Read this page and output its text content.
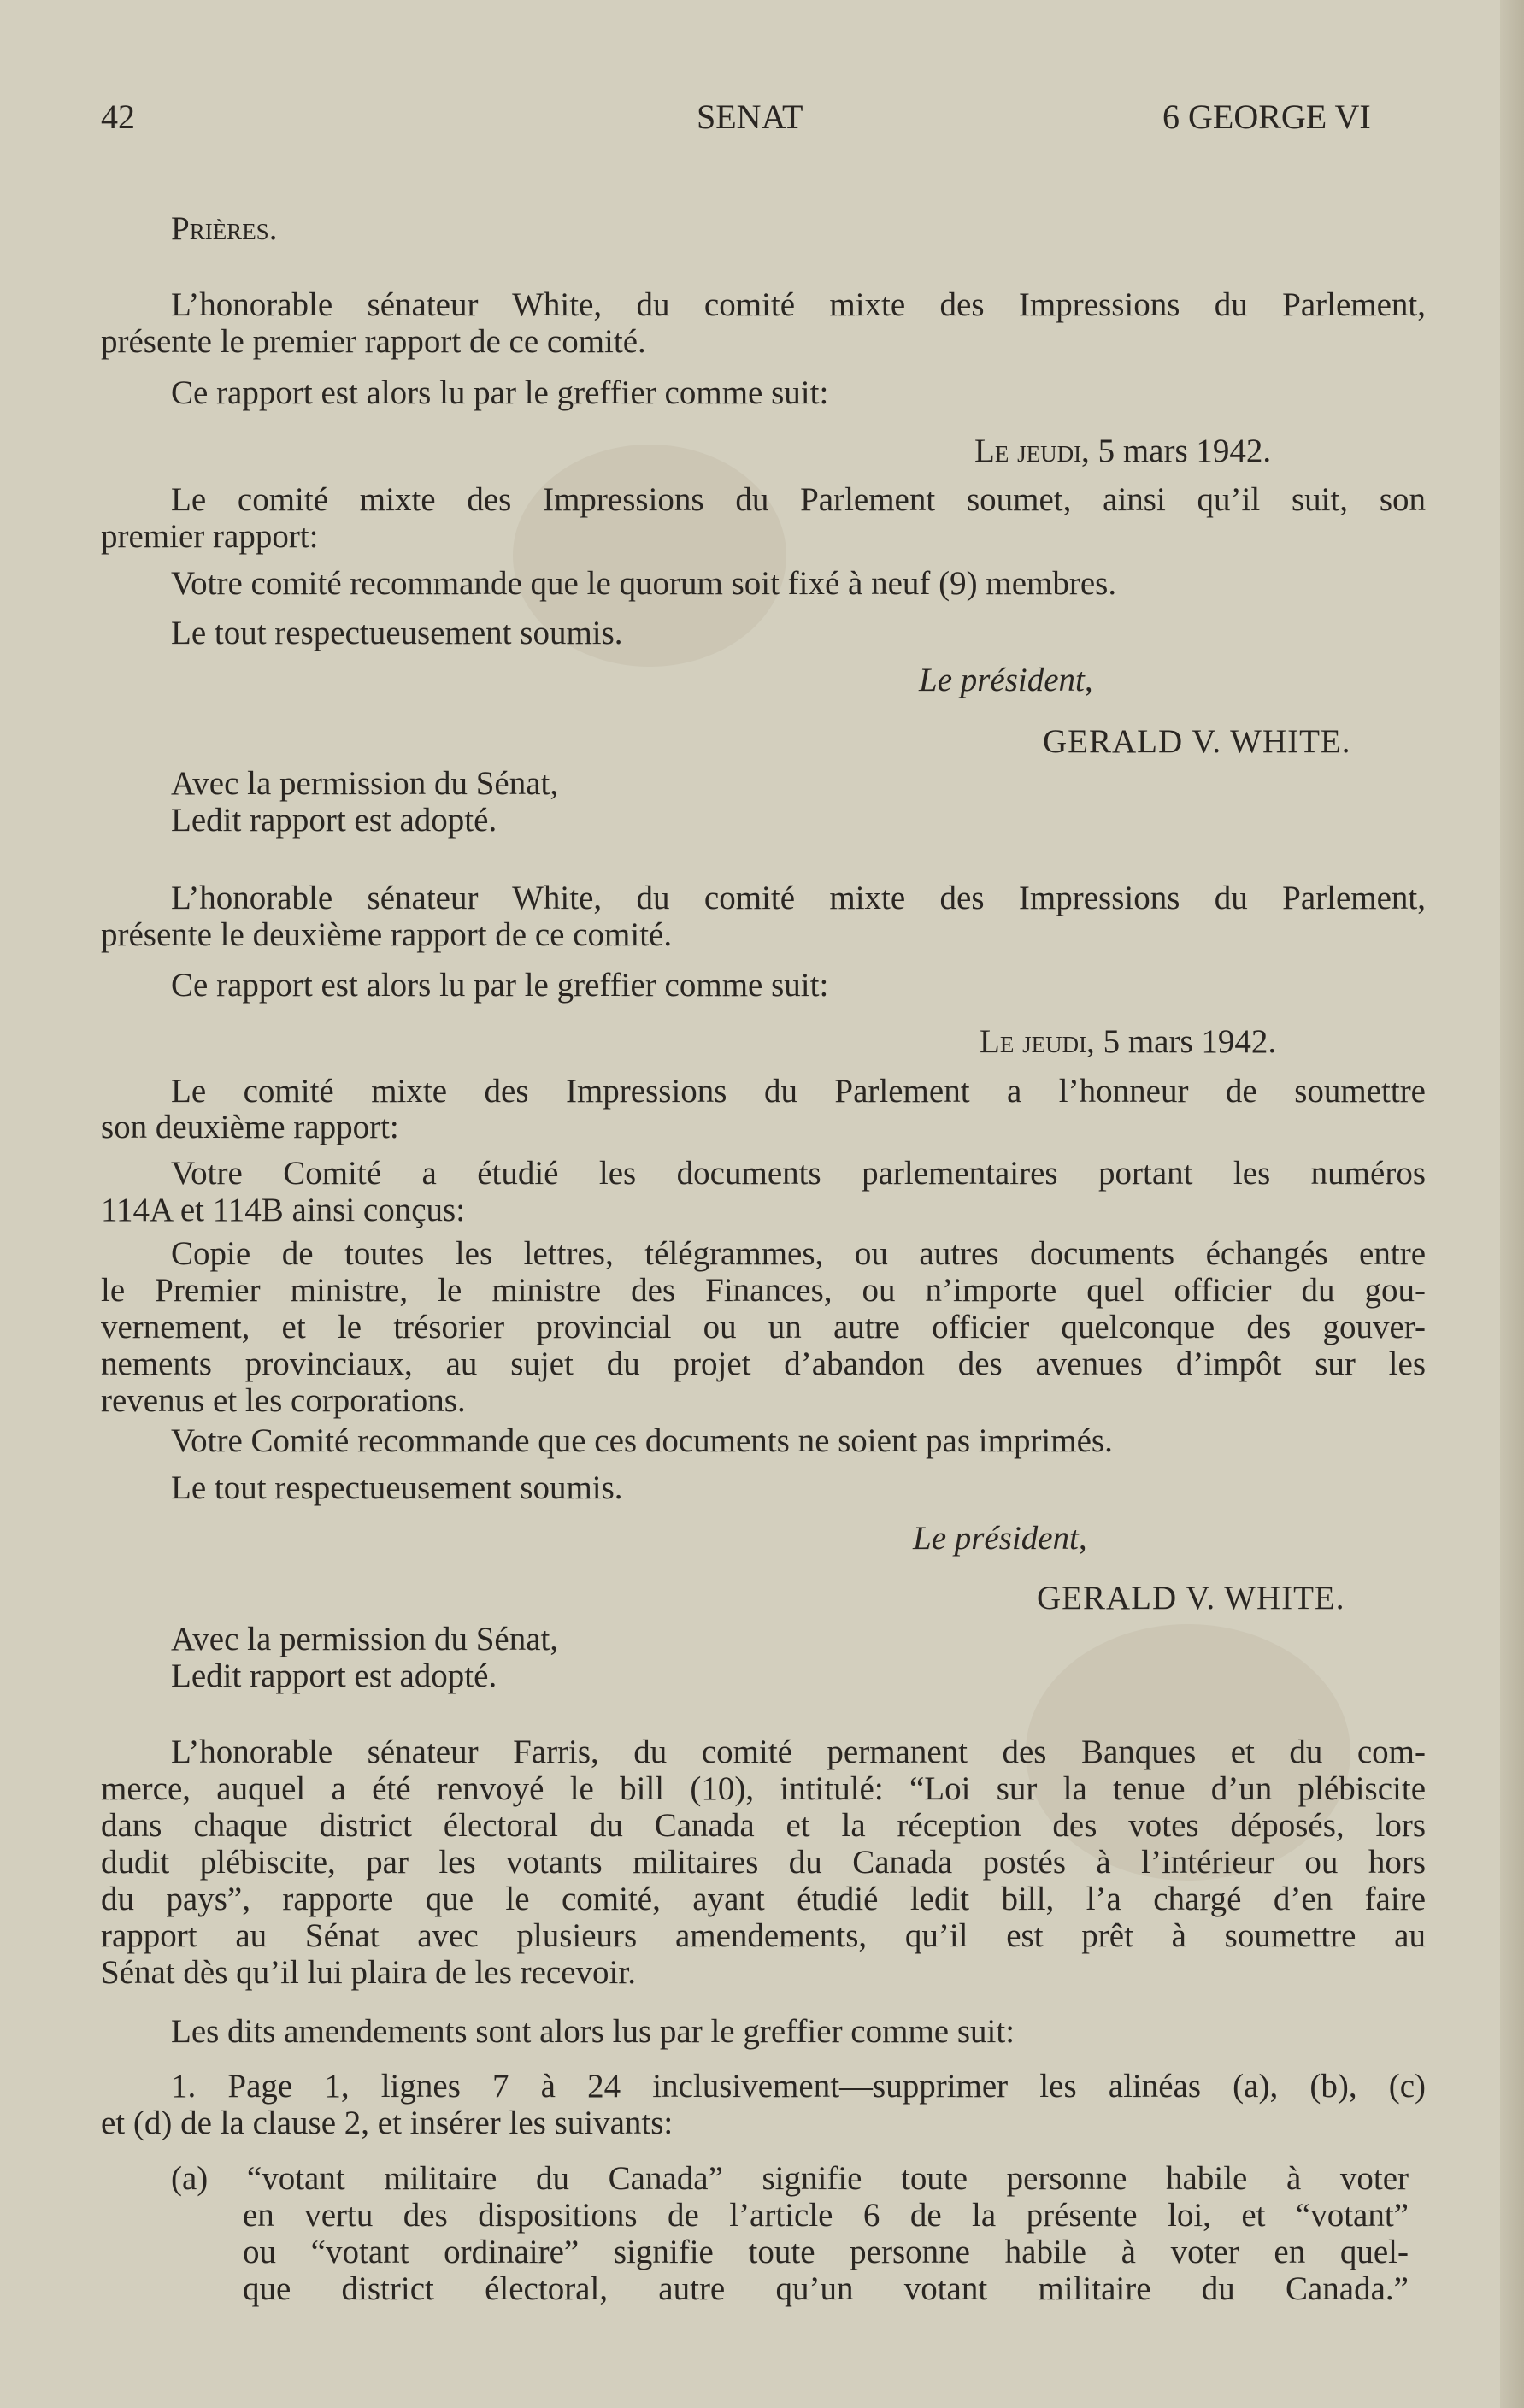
42	SENAT	6 GEORGE VI
Prières.
L’honorable sénateur White, du comité mixte des Impressions du Parlement,
présente le premier rapport de ce comité.
Ce rapport est alors lu par le greffier comme suit:
Le jeudi, 5 mars 1942.
Le comité mixte des Impressions du Parlement soumet, ainsi qu’il suit, son
premier rapport:
Votre comité recommande que le quorum soit fixé à neuf (9) membres.
Le tout respectueusement soumis.
Le président,
GERALD V. WHITE.
Avec la permission du Sénat,
Ledit rapport est adopté.
L’honorable sénateur White, du comité mixte des Impressions du Parlement,
présente le deuxième rapport de ce comité.
Ce rapport est alors lu par le greffier comme suit:
Le jeudi, 5 mars 1942.
Le comité mixte des Impressions du Parlement a l’honneur de soumettre
son deuxième rapport:
Votre Comité a étudié les documents parlementaires portant les numéros
114A et 114B ainsi conçus:
Copie de toutes les lettres, télégrammes, ou autres documents échangés entre
le Premier ministre, le ministre des Finances, ou n’importe quel officier du gou-
vernement, et le trésorier provincial ou un autre officier quelconque des gouver-
nements provinciaux, au sujet du projet d’abandon des avenues d’impôt sur les
revenus et les corporations.
Votre Comité recommande que ces documents ne soient pas imprimés.
Le tout respectueusement soumis.
Le président,
GERALD V. WHITE.
Avec la permission du Sénat,
Ledit rapport est adopté.
L’honorable sénateur Farris, du comité permanent des Banques et du com-
merce, auquel a été renvoyé le bill (10), intitulé: “Loi sur la tenue d’un plébiscite
dans chaque district électoral du Canada et la réception des votes déposés, lors
dudit plébiscite, par les votants militaires du Canada postés à l’intérieur ou hors
du pays”, rapporte que le comité, ayant étudié ledit bill, l’a chargé d’en faire
rapport au Sénat avec plusieurs amendements, qu’il est prêt à soumettre au
Sénat dès qu’il lui plaira de les recevoir.
Les dits amendements sont alors lus par le greffier comme suit:
1. Page 1, lignes 7 à 24 inclusivement—supprimer les alinéas (a), (b), (c)
et (d) de la clause 2, et insérer les suivants:
(a) “votant militaire du Canada” signifie toute personne habile à voter
en vertu des dispositions de l’article 6 de la présente loi, et “votant”
ou “votant ordinaire” signifie toute personne habile à voter en quel-
que district électoral, autre qu’un votant militaire du Canada.”
